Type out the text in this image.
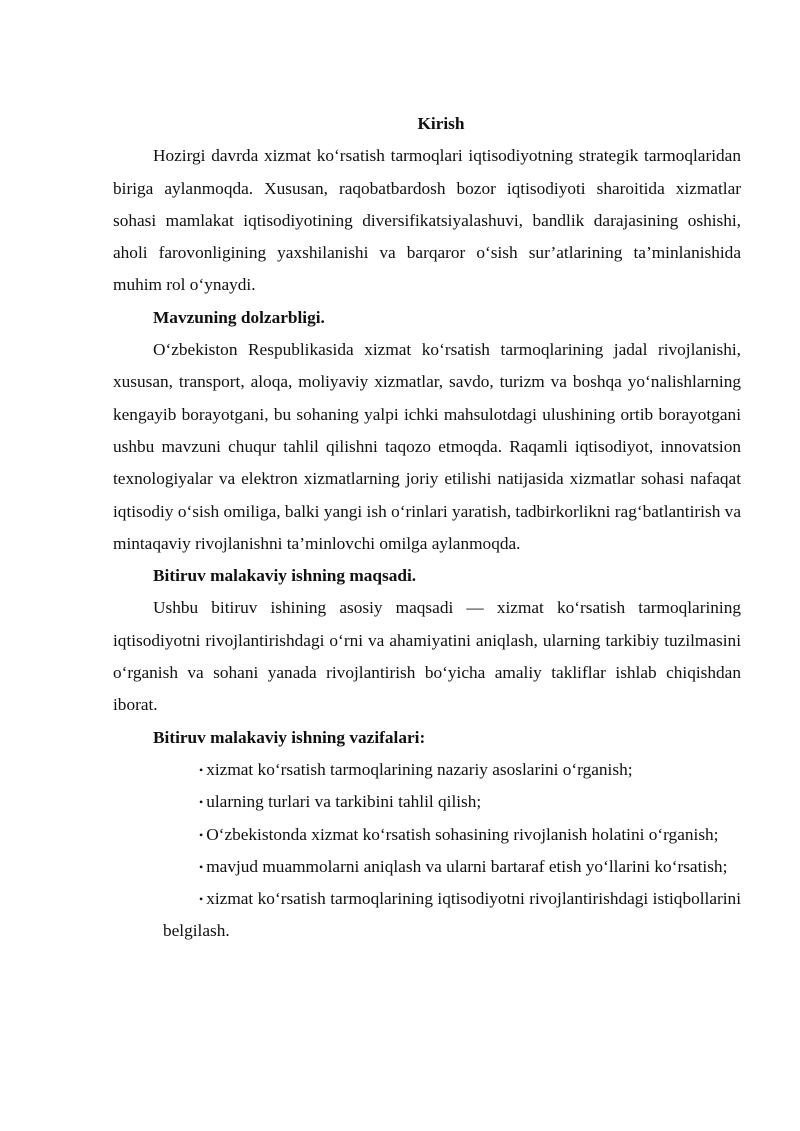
Kirish

Hozirgi davrda xizmat ko‘rsatish tarmoqlari iqtisodiyotning strategik tarmoqlaridan biriga aylanmoqda. Xususan, raqobatbardosh bozor iqtisodiyoti sharoitida xizmatlar sohasi mamlakat iqtisodiyotining diversifikatsiyalashuvi, bandlik darajasining oshishi, aholi farovonligining yaxshilanishi va barqaror o‘sish sur’atlarining ta’minlanishida muhim rol o‘ynaydi.

Mavzuning dolzarbligi.

O‘zbekiston Respublikasida xizmat ko‘rsatish tarmoqlarining jadal rivojlanishi, xususan, transport, aloqa, moliyaviy xizmatlar, savdo, turizm va boshqa yo‘nalishlarning kengayib borayotgani, bu sohaning yalpi ichki mahsulotdagi ulushining ortib borayotgani ushbu mavzuni chuqur tahlil qilishni taqozo etmoqda. Raqamli iqtisodiyot, innovatsion texnologiyalar va elektron xizmatlarning joriy etilishi natijasida xizmatlar sohasi nafaqat iqtisodiy o‘sish omiliga, balki yangi ish o‘rinlari yaratish, tadbirkorlikni rag‘batlantirish va mintaqaviy rivojlanishni ta’minlovchi omilga aylanmoqda.

Bitiruv malakaviy ishning maqsadi.

Ushbu bitiruv ishining asosiy maqsadi — xizmat ko‘rsatish tarmoqlarining iqtisodiyotni rivojlantirishdagi o‘rni va ahamiyatini aniqlash, ularning tarkibiy tuzilmasini o‘rganish va sohani yanada rivojlantirish bo‘yicha amaliy takliflar ishlab chiqishdan iborat.

Bitiruv malakaviy ishning vazifalari:

• xizmat ko‘rsatish tarmoqlarining nazariy asoslarini o‘rganish;
• ularning turlari va tarkibini tahlil qilish;
• O‘zbekistonda xizmat ko‘rsatish sohasining rivojlanish holatini o‘rganish;
• mavjud muammolarni aniqlash va ularni bartaraf etish yo‘llarini ko‘rsatish;
• xizmat ko‘rsatish tarmoqlarining iqtisodiyotni rivojlantirishdagi istiqbollarini belgilash.
